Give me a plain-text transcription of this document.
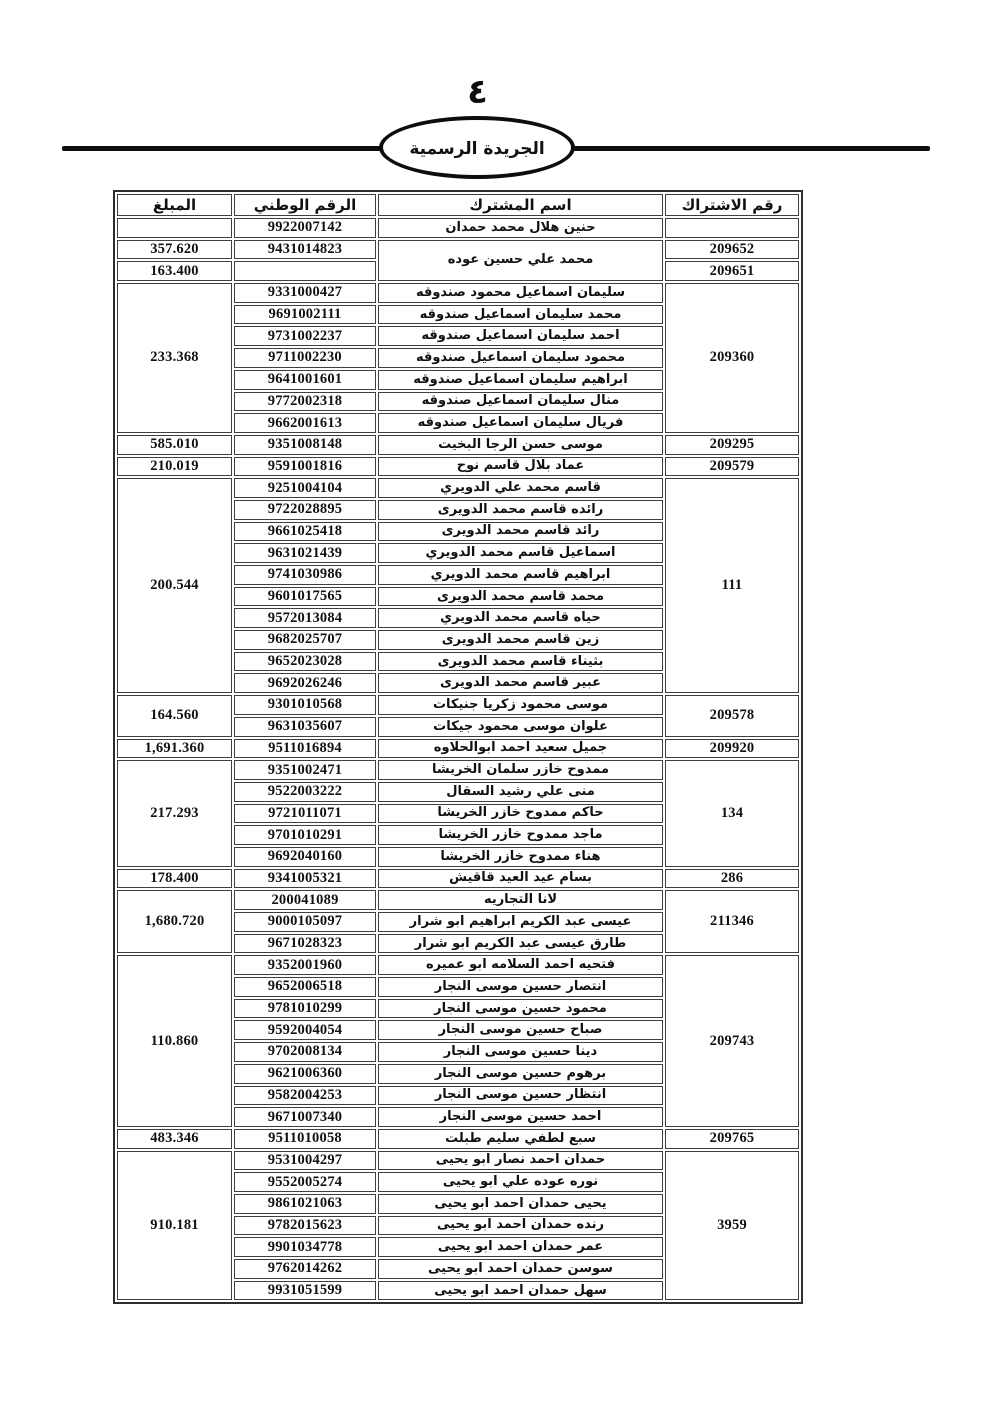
٤
الجريدة الرسمية
رقم الاشتراك	اسم المشترك	الرقم الوطني	المبلغ
	حنين هلال محمد حمدان	9922007142	
209652	محمد علي حسين عوده	9431014823	357.620
209651			163.400
209360	سليمان اسماعيل محمود صندوقه	9331000427	233.368
	محمد سليمان اسماعيل صندوقه	9691002111	
	احمد سليمان اسماعيل صندوقه	9731002237	
	محمود سليمان اسماعيل صندوقه	9711002230	
	ابراهيم سليمان اسماعيل صندوقه	9641001601	
	منال سليمان اسماعيل صندوقه	9772002318	
	فريال سليمان اسماعيل صندوقه	9662001613	
209295	موسى حسن الرجا البخيت	9351008148	585.010
209579	عماد بلال قاسم نوح	9591001816	210.019
111	قاسم محمد علي الدويري	9251004104	200.544
	رائده قاسم محمد الدويرى	9722028895	
	رائد قاسم محمد الدويرى	9661025418	
	اسماعيل قاسم محمد الدويري	9631021439	
	ابراهيم قاسم محمد الدويري	9741030986	
	محمد قاسم محمد الدويرى	9601017565	
	حياه قاسم محمد الدويري	9572013084	
	زين قاسم محمد الدويرى	9682025707	
	بثيناء قاسم محمد الدويرى	9652023028	
	عبير قاسم محمد الدويرى	9692026246	
209578	موسى محمود زكريا جنيكات	9301010568	164.560
	علوان موسى محمود جيكات	9631035607	
209920	جميل سعيد احمد ابوالحلاوه	9511016894	1,691.360
134	ممدوح خازر سلمان الخريشا	9351002471	217.293
	منى علي رشيد السقال	9522003222	
	حاكم ممدوح خازر الخريشا	9721011071	
	ماجد ممدوح خازر الخريشا	9701010291	
	هناء ممدوح خازر الخريشا	9692040160	
286	بسام عيد العيد قاقيش	9341005321	178.400
211346	لانا التجاريه	200041089	1,680.720
	عيسى عبد الكريم ابراهيم ابو شرار	9000105097	
	طارق عيسى عبد الكريم ابو شرار	9671028323	
209743	فتحيه احمد السلامه ابو عميره	9352001960	110.860
	انتصار حسين موسى النجار	9652006518	
	محمود حسين موسى النجار	9781010299	
	صباح حسين موسى النجار	9592004054	
	دينا حسين موسى النجار	9702008134	
	برهوم حسين موسى النجار	9621006360	
	انتظار حسين موسى النجار	9582004253	
	احمد حسين موسى النجار	9671007340	
209765	سبع لطفي سليم طبلت	9511010058	483.346
3959	حمدان احمد نصار ابو يحيى	9531004297	910.181
	نوره عوده علي ابو يحيى	9552005274	
	يحيى حمدان احمد ابو يحيى	9861021063	
	رنده حمدان احمد ابو يحيى	9782015623	
	عمر حمدان احمد ابو يحيى	9901034778	
	سوسن حمدان احمد ابو يحيى	9762014262	
	سهل حمدان احمد ابو يحيى	9931051599	
